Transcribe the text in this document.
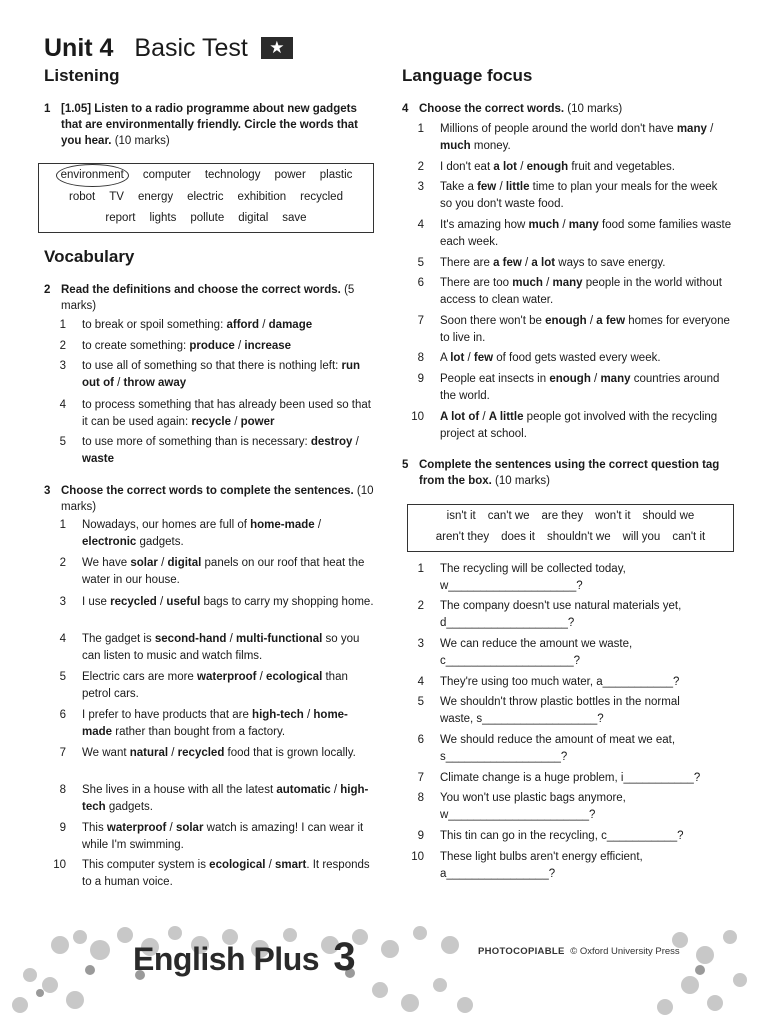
Unit 4 Basic Test ★
Listening
1 [1.05] Listen to a radio programme about new gadgets that are environmentally friendly. Circle the words that you hear. (10 marks)
environment computer technology power plastic
robot TV energy electric exhibition recycled
report lights pollute digital save
Vocabulary
2 Read the definitions and choose the correct words. (5 marks)
1 to break or spoil something: afford / damage
2 to create something: produce / increase
3 to use all of something so that there is nothing left: run out of / throw away
4 to process something that has already been used so that it can be used again: recycle / power
5 to use more of something than is necessary: destroy / waste
3 Choose the correct words to complete the sentences. (10 marks)
1 Nowadays, our homes are full of home-made / electronic gadgets.
2 We have solar / digital panels on our roof that heat the water in our house.
3 I use recycled / useful bags to carry my shopping home.
4 The gadget is second-hand / multi-functional so you can listen to music and watch films.
5 Electric cars are more waterproof / ecological than petrol cars.
6 I prefer to have products that are high-tech / home-made rather than bought from a factory.
7 We want natural / recycled food that is grown locally.
8 She lives in a house with all the latest automatic / high-tech gadgets.
9 This waterproof / solar watch is amazing! I can wear it while I'm swimming.
10 This computer system is ecological / smart. It responds to a human voice.
Language focus
4 Choose the correct words. (10 marks)
1 Millions of people around the world don't have many / much money.
2 I don't eat a lot / enough fruit and vegetables.
3 Take a few / little time to plan your meals for the week so you don't waste food.
4 It's amazing how much / many food some families waste each week.
5 There are a few / a lot ways to save energy.
6 There are too much / many people in the world without access to clean water.
7 Soon there won't be enough / a few homes for everyone to live in.
8 A lot / few of food gets wasted every week.
9 People eat insects in enough / many countries around the world.
10 A lot of / A little people got involved with the recycling project at school.
5 Complete the sentences using the correct question tag from the box. (10 marks)
isn't it can't we are they won't it should we
aren't they does it shouldn't we will you can't it
1 The recycling will be collected today,
w____________________?
2 The company doesn't use natural materials yet,
d___________________?
3 We can reduce the amount we waste,
c____________________?
4 They're using too much water, a___________?
5 We shouldn't throw plastic bottles in the normal
waste, s__________________?
6 We should reduce the amount of meat we eat,
s__________________?
7 Climate change is a huge problem, i___________?
8 You won't use plastic bags anymore,
w______________________?
9 This tin can go in the recycling, c___________?
10 These light bulbs aren't energy efficient,
a________________?
English Plus 3	PHOTOCOPIABLE © Oxford University Press
